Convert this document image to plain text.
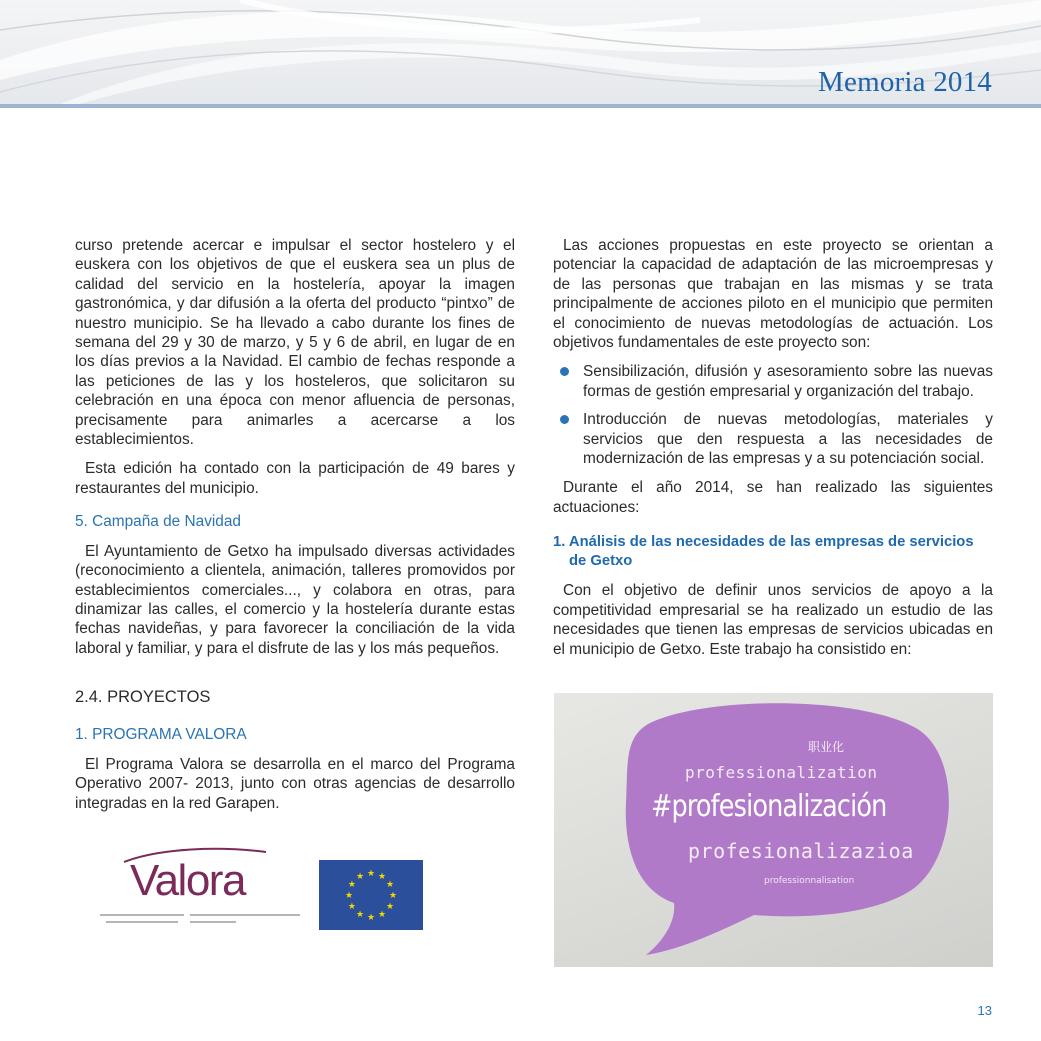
Memoria 2014

curso pretende acercar e impulsar el sector hostelero y el euskera con los objetivos de que el euskera sea un plus de calidad del servicio en la hostelería, apoyar la imagen gastronómica, y dar difusión a la oferta del producto “pintxo” de nuestro municipio. Se ha llevado a cabo durante los fines de semana del 29 y 30 de marzo, y 5 y 6 de abril, en lugar de en los días previos a la Navidad. El cambio de fechas responde a las peticiones de las y los hosteleros, que solicitaron su celebración en una época con menor afluencia de personas, precisamente para animarles a acercarse a los establecimientos.

Esta edición ha contado con la participación de 49 bares y restaurantes del municipio.

5. Campaña de Navidad

El Ayuntamiento de Getxo ha impulsado diversas actividades (reconocimiento a clientela, animación, talleres promovidos por establecimientos comerciales..., y colabora en otras, para dinamizar las calles, el comercio y la hostelería durante estas fechas navideñas, y para favorecer la conciliación de la vida laboral y familiar, y para el disfrute de las y los más pequeños.

2.4. PROYECTOS
1. PROGRAMA VALORA

El Programa Valora se desarrolla en el marco del Programa Operativo 2007- 2013, junto con otras agencias de desarrollo integradas en la red Garapen.

Valora	★ ★
★
★
★
★
★
★
★
★
★
★

Las acciones propuestas en este proyecto se orientan a potenciar la capacidad de adaptación de las microempresas y de las personas que trabajan en las mismas y se trata principalmente de acciones piloto en el municipio que permiten el conocimiento de nuevas metodologías de actuación. Los objetivos fundamentales de este proyecto son:

Sensibilización, difusión y asesoramiento sobre las nuevas formas de gestión empresarial y organización del trabajo.
Introducción de nuevas metodologías, materiales y servicios que den respuesta a las necesidades de modernización de las empresas y a su potenciación social.

Durante el año 2014, se han realizado las siguientes actuaciones:

1. Análisis de las necesidades de las empresas de servicios de Getxo

Con el objetivo de definir unos servicios de apoyo a la competitividad empresarial se ha realizado un estudio de las necesidades que tienen las empresas de servicios ubicadas en el municipio de Getxo. Este trabajo ha consistido en:

职业化
professionalization
#profesionalización
profesionalizazioa
professionnalisation
13
